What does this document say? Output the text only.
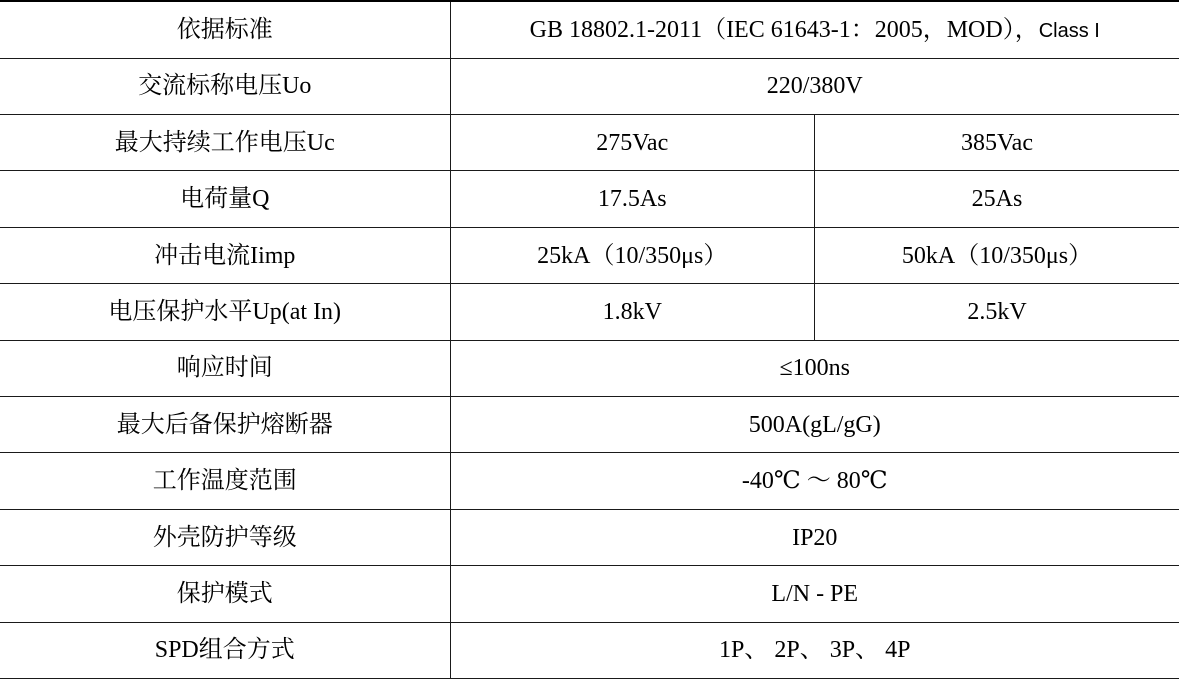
依据标准	GB 18802.1-2011（IEC 61643-1：2005，MOD），Class I	
交流标称电压Uo	220/380V	
最大持续工作电压Uc	275Vac	385Vac
电荷量Q	17.5As	25As
冲击电流Iimp	25kA（10/350μs）	50kA（10/350μs）
电压保护水平Up(at In)	1.8kV	2.5kV
响应时间	≤100ns	
最大后备保护熔断器	500A(gL/gG)	
工作温度范围	-40℃ ～ 80℃	
外壳防护等级	IP20	
保护模式	L/N - PE	
SPD组合方式	1P、 2P、 3P、 4P	
